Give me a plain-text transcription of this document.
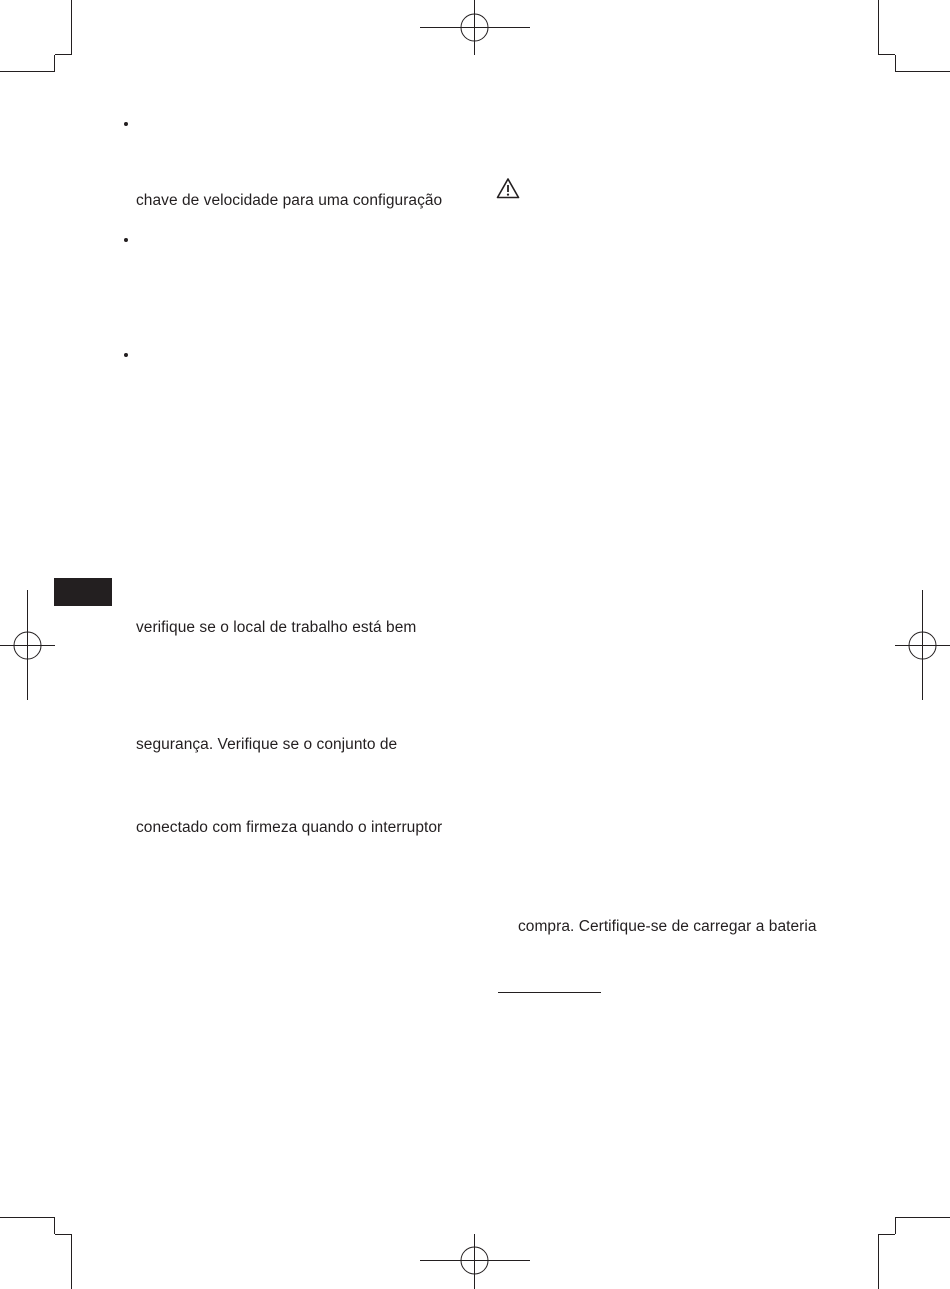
chave de velocidade para uma configuração
verifique se o local de trabalho está bem
segurança. Verifique se o conjunto de
conectado com firmeza quando o interruptor
compra. Certifique-se de carregar a bateria
